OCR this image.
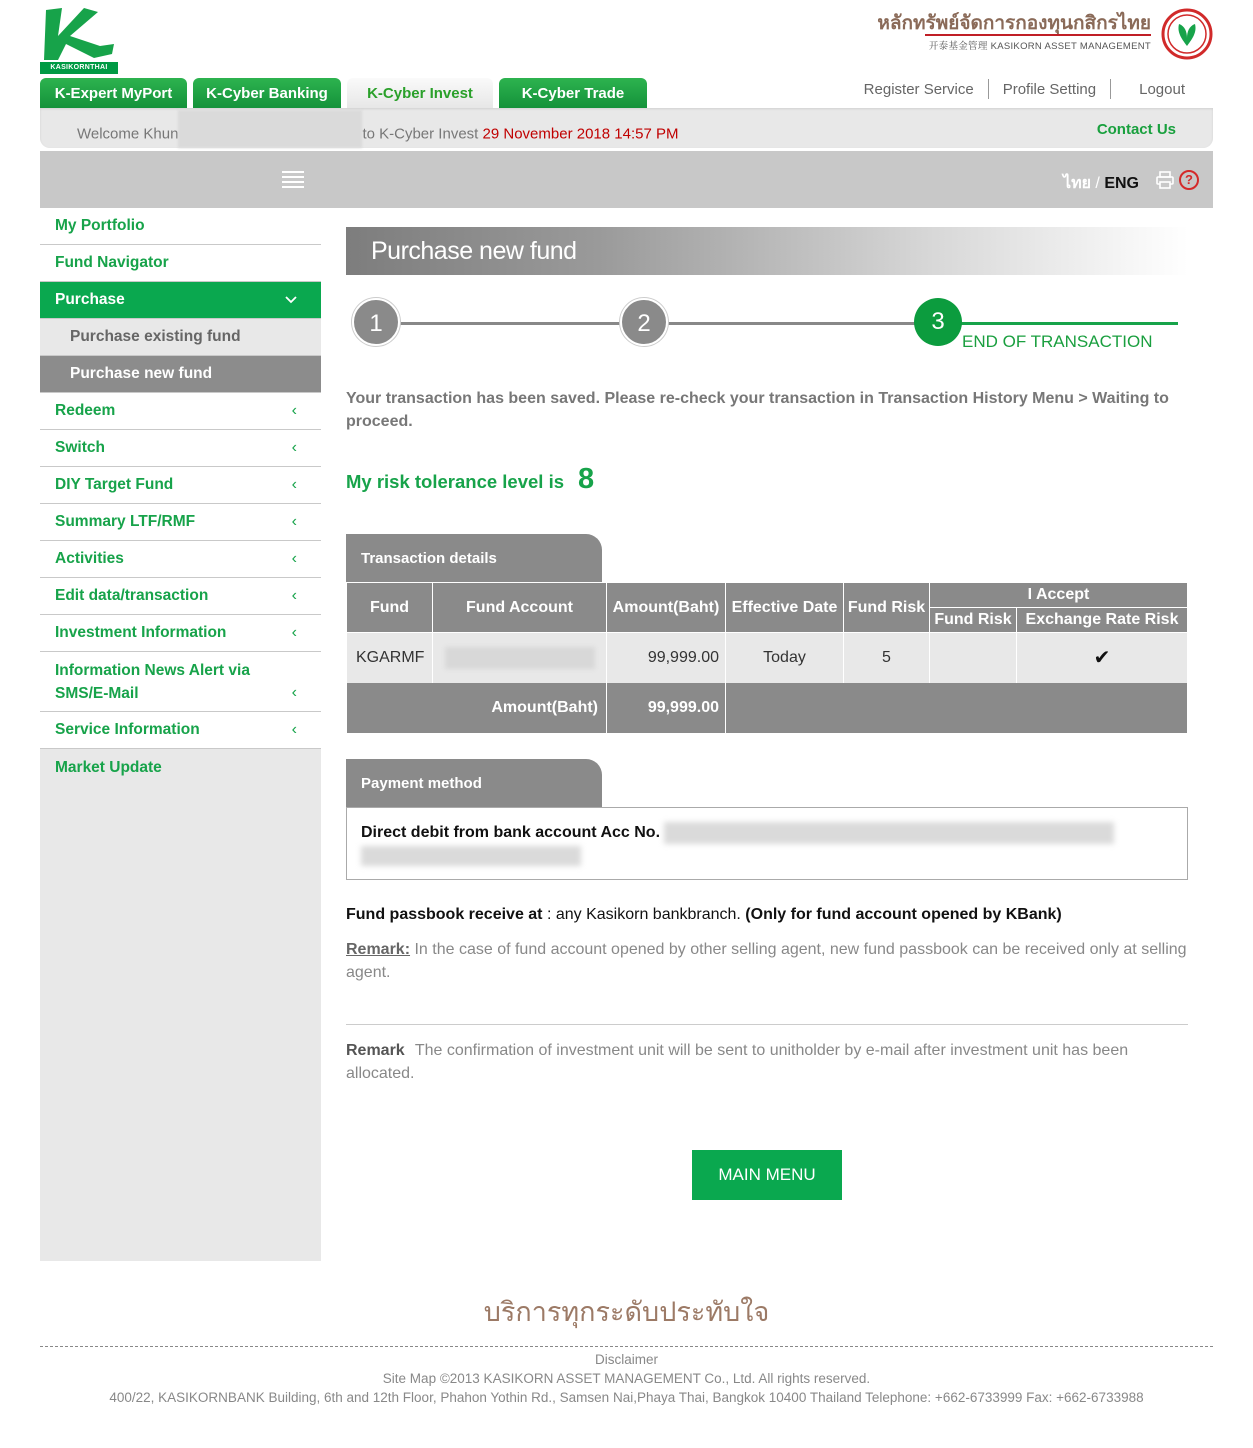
KASIKORNTHAI
หลักทรัพย์จัดการกองทุนกสิกรไทย
开泰基金管理 KASIKORN ASSET MANAGEMENT
K-Expert MyPort	K-Cyber Banking	K-Cyber Invest	K-Cyber Trade	Register Service	Profile Setting	Logout
Welcome Khun	to K-Cyber Invest 29 November 2018 14:57 PM	Contact Us
ไทย / ENG	?
My Portfolio
Fund Navigator
Purchase
Purchase existing fund
Purchase new fund
Redeem	‹
Switch	‹
DIY Target Fund	‹
Summary LTF/RMF	‹
Activities	‹
Edit data/transaction	‹
Investment Information	‹
Information News Alert via SMS/E-Mail	‹
Service Information	‹
Market Update
Purchase new fund
1	2	3
END OF TRANSACTION
Your transaction has been saved. Please re-check your transaction in Transaction History Menu > Waiting to proceed.
My risk tolerance level is 8
Transaction details
Fund	Fund Account	Amount(Baht)	Effective Date	Fund Risk	I Accept	
					Fund Risk	Exchange Rate Risk
KGARMF		99,999.00	Today	5		✔
Amount(Baht)		99,999.00				
Payment method
Direct debit from bank account Acc No.
Fund passbook receive at : any Kasikorn bankbranch. (Only for fund account opened by KBank)
Remark: In the case of fund account opened by other selling agent, new fund passbook can be received only at selling agent.
Remark The confirmation of investment unit will be sent to unitholder by e-mail after investment unit has been allocated.
MAIN MENU
บริการทุกระดับประทับใจ
Disclaimer
Site Map ©2013 KASIKORN ASSET MANAGEMENT Co., Ltd. All rights reserved.
400/22, KASIKORNBANK Building, 6th and 12th Floor, Phahon Yothin Rd., Samsen Nai,Phaya Thai, Bangkok 10400 Thailand Telephone: +662-6733999 Fax: +662-6733988
